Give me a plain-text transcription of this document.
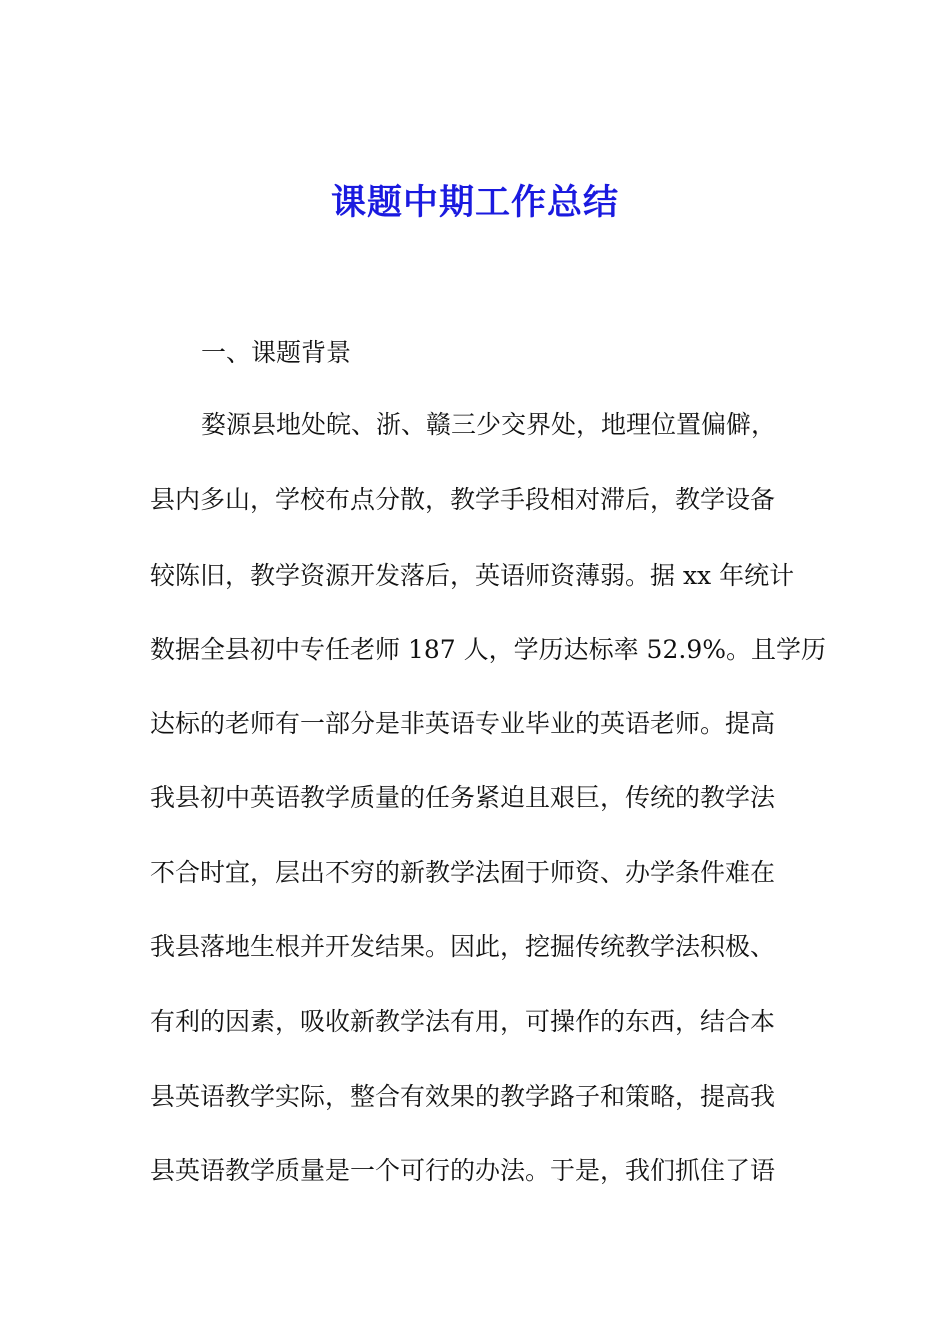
课题中期工作总结
一、课题背景
婺源县地处皖、浙、赣三少交界处，地理位置偏僻，
县内多山，学校布点分散，教学手段相对滞后，教学设备
较陈旧，教学资源开发落后，英语师资薄弱。据 xx 年统计
数据全县初中专任老师 187 人，学历达标率 52.9%。且学历
达标的老师有一部分是非英语专业毕业的英语老师。提高
我县初中英语教学质量的任务紧迫且艰巨，传统的教学法
不合时宜，层出不穷的新教学法囿于师资、办学条件难在
我县落地生根并开发结果。因此，挖掘传统教学法积极、
有利的因素，吸收新教学法有用，可操作的东西，结合本
县英语教学实际，整合有效果的教学路子和策略，提高我
县英语教学质量是一个可行的办法。于是，我们抓住了语
